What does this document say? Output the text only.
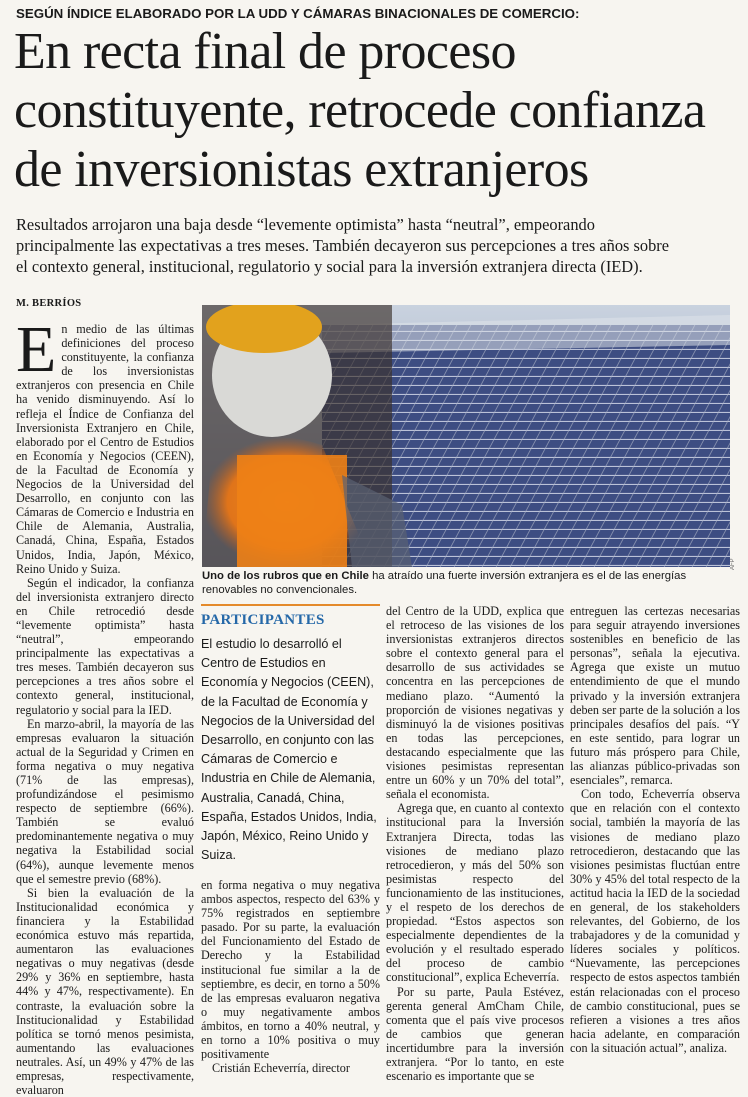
SEGÚN ÍNDICE ELABORADO POR LA UDD Y CÁMARAS BINACIONALES DE COMERCIO:
En recta final de proceso
constituyente, retrocede confianza
de inversionistas extranjeros
Resultados arrojaron una baja desde “levemente optimista” hasta “neutral”, empeorando
principalmente las expectativas a tres meses. También decayeron sus percepciones a tres años sobre
el contexto general, institucional, regulatorio y social para la inversión extranjera directa (IED).
M. BERRÍOS

En medio de las últimas definiciones del proceso constituyente, la confianza de los inversionistas extranjeros con presencia en Chile ha venido disminuyendo. Así lo refleja el Índice de Confianza del Inversionista Extranjero en Chile, elaborado por el Centro de Estudios en Economía y Negocios (CEEN), de la Facultad de Economía y Negocios de la Universidad del Desarrollo, en conjunto con las Cámaras de Comercio e Industria en Chile de Alemania, Australia, Canadá, China, España, Estados Unidos, India, Japón, México, Reino Unido y Suiza.

Según el indicador, la confianza del inversionista extranjero directo en Chile retrocedió desde “levemente optimista” hasta “neutral”, empeorando principalmente las expectativas a tres meses. También decayeron sus percepciones a tres años sobre el contexto general, institucional, regulatorio y social para la IED.

En marzo-abril, la mayoría de las empresas evaluaron la situación actual de la Seguridad y Crimen en forma negativa o muy negativa (71% de las empresas), profundizándose el pesimismo respecto de septiembre (66%). También se evaluó predominantemente negativa o muy negativa la Estabilidad social (64%), aunque levemente menos que el semestre previo (68%).

Si bien la evaluación de la Institucionalidad económica y financiera y la Estabilidad económica estuvo más repartida, aumentaron las evaluaciones negativas o muy negativas (desde 29% y 36% en septiembre, hasta 44% y 47%, respectivamente). En contraste, la evaluación sobre la Institucionalidad y Estabilidad política se tornó menos pesimista, aumentando las evaluaciones neutrales. Así, un 49% y 47% de las empresas, respectivamente, evaluaron

AFP
Uno de los rubros que en Chile ha atraído una fuerte inversión extranjera es el de las energías renovables no convencionales.
PARTICIPANTES
El estudio lo desarrolló el Centro de Estudios en Economía y Negocios (CEEN), de la Facultad de Economía y Negocios de la Universidad del Desarrollo, en conjunto con las Cámaras de Comercio e Industria en Chile de Alemania, Australia, Canadá, China, España, Estados Unidos, India, Japón, México, Reino Unido y Suiza.

en forma negativa o muy negativa ambos aspectos, respecto del 63% y 75% registrados en septiembre pasado. Por su parte, la evaluación del Funcionamiento del Estado de Derecho y la Estabilidad institucional fue similar a la de septiembre, es decir, en torno a 50% de las empresas evaluaron negativa o muy negativamente ambos ámbitos, en torno a 40% neutral, y en torno a 10% positiva o muy positivamente

Cristián Echeverría, director

del Centro de la UDD, explica que el retroceso de las visiones de los inversionistas extranjeros directos sobre el contexto general para el desarrollo de sus actividades se concentra en las percepciones de mediano plazo. “Aumentó la proporción de visiones negativas y disminuyó la de visiones positivas en todas las percepciones, destacando especialmente que las visiones pesimistas representan entre un 60% y un 70% del total”, señala el economista.

Agrega que, en cuanto al contexto institucional para la Inversión Extranjera Directa, todas las visiones de mediano plazo retrocedieron, y más del 50% son pesimistas respecto del funcionamiento de las instituciones, y el respeto de los derechos de propiedad. “Estos aspectos son especialmente dependientes de la evolución y el resultado esperado del proceso de cambio constitucional”, explica Echeverría.

Por su parte, Paula Estévez, gerenta general AmCham Chile, comenta que el país vive procesos de cambios que generan incertidumbre para la inversión extranjera. “Por lo tanto, en este escenario es importante que se

entreguen las certezas necesarias para seguir atrayendo inversiones sostenibles en beneficio de las personas”, señala la ejecutiva. Agrega que existe un mutuo entendimiento de que el mundo privado y la inversión extranjera deben ser parte de la solución a los principales desafíos del país. “Y en este sentido, para lograr un futuro más próspero para Chile, las alianzas público-privadas son esenciales”, remarca.

Con todo, Echeverría observa que en relación con el contexto social, también la mayoría de las visiones de mediano plazo retrocedieron, destacando que las visiones pesimistas fluctúan entre 30% y 45% del total respecto de la actitud hacia la IED de la sociedad en general, de los stakeholders relevantes, del Gobierno, de los trabajadores y de la comunidad y líderes sociales y políticos. “Nuevamente, las percepciones respecto de estos aspectos también están relacionadas con el proceso de cambio constitucional, pues se refieren a visiones a tres años hacia adelante, en comparación con la situación actual”, analiza.
